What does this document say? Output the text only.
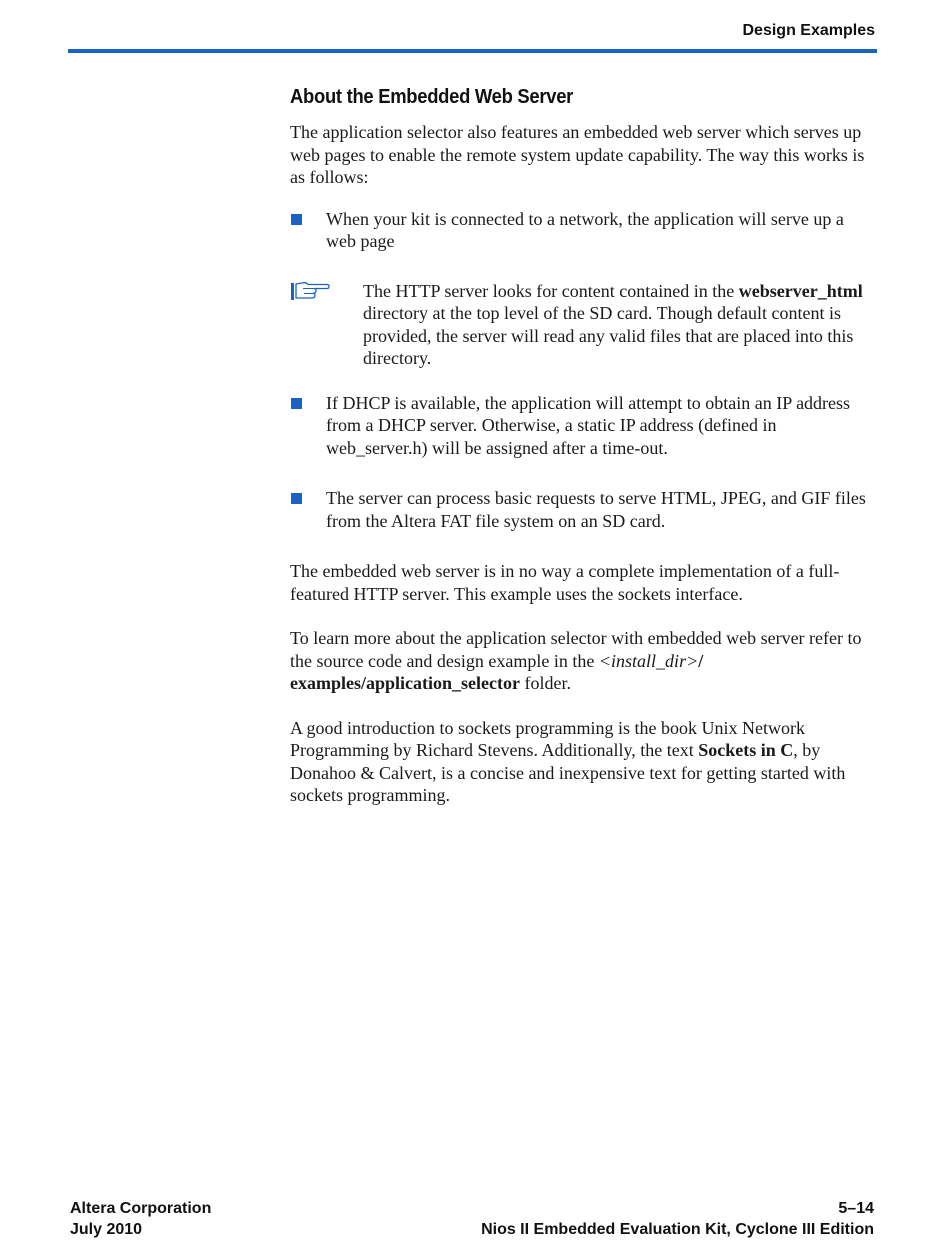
Design Examples
About the Embedded Web Server

The application selector also features an embedded web server which serves up web pages to enable the remote system update capability. The way this works is as follows:

When your kit is connected to a network, the application will serve up a web page
The HTTP server looks for content contained in the webserver_html directory at the top level of the SD card. Though default content is provided, the server will read any valid files that are placed into this directory.
If DHCP is available, the application will attempt to obtain an IP address from a DHCP server. Otherwise, a static IP address (defined in web_server.h) will be assigned after a time-out.
The server can process basic requests to serve HTML, JPEG, and GIF files from the Altera FAT file system on an SD card.

The embedded web server is in no way a complete implementation of a full-featured HTTP server. This example uses the sockets interface.

To learn more about the application selector with embedded web server refer to the source code and design example in the <install_dir>/ examples/application_selector folder.

A good introduction to sockets programming is the book Unix Network Programming by Richard Stevens. Additionally, the text Sockets in C, by Donahoo & Calvert, is a concise and inexpensive text for getting started with sockets programming.

Altera Corporation
July 2010
5–14
Nios II Embedded Evaluation Kit, Cyclone III Edition
